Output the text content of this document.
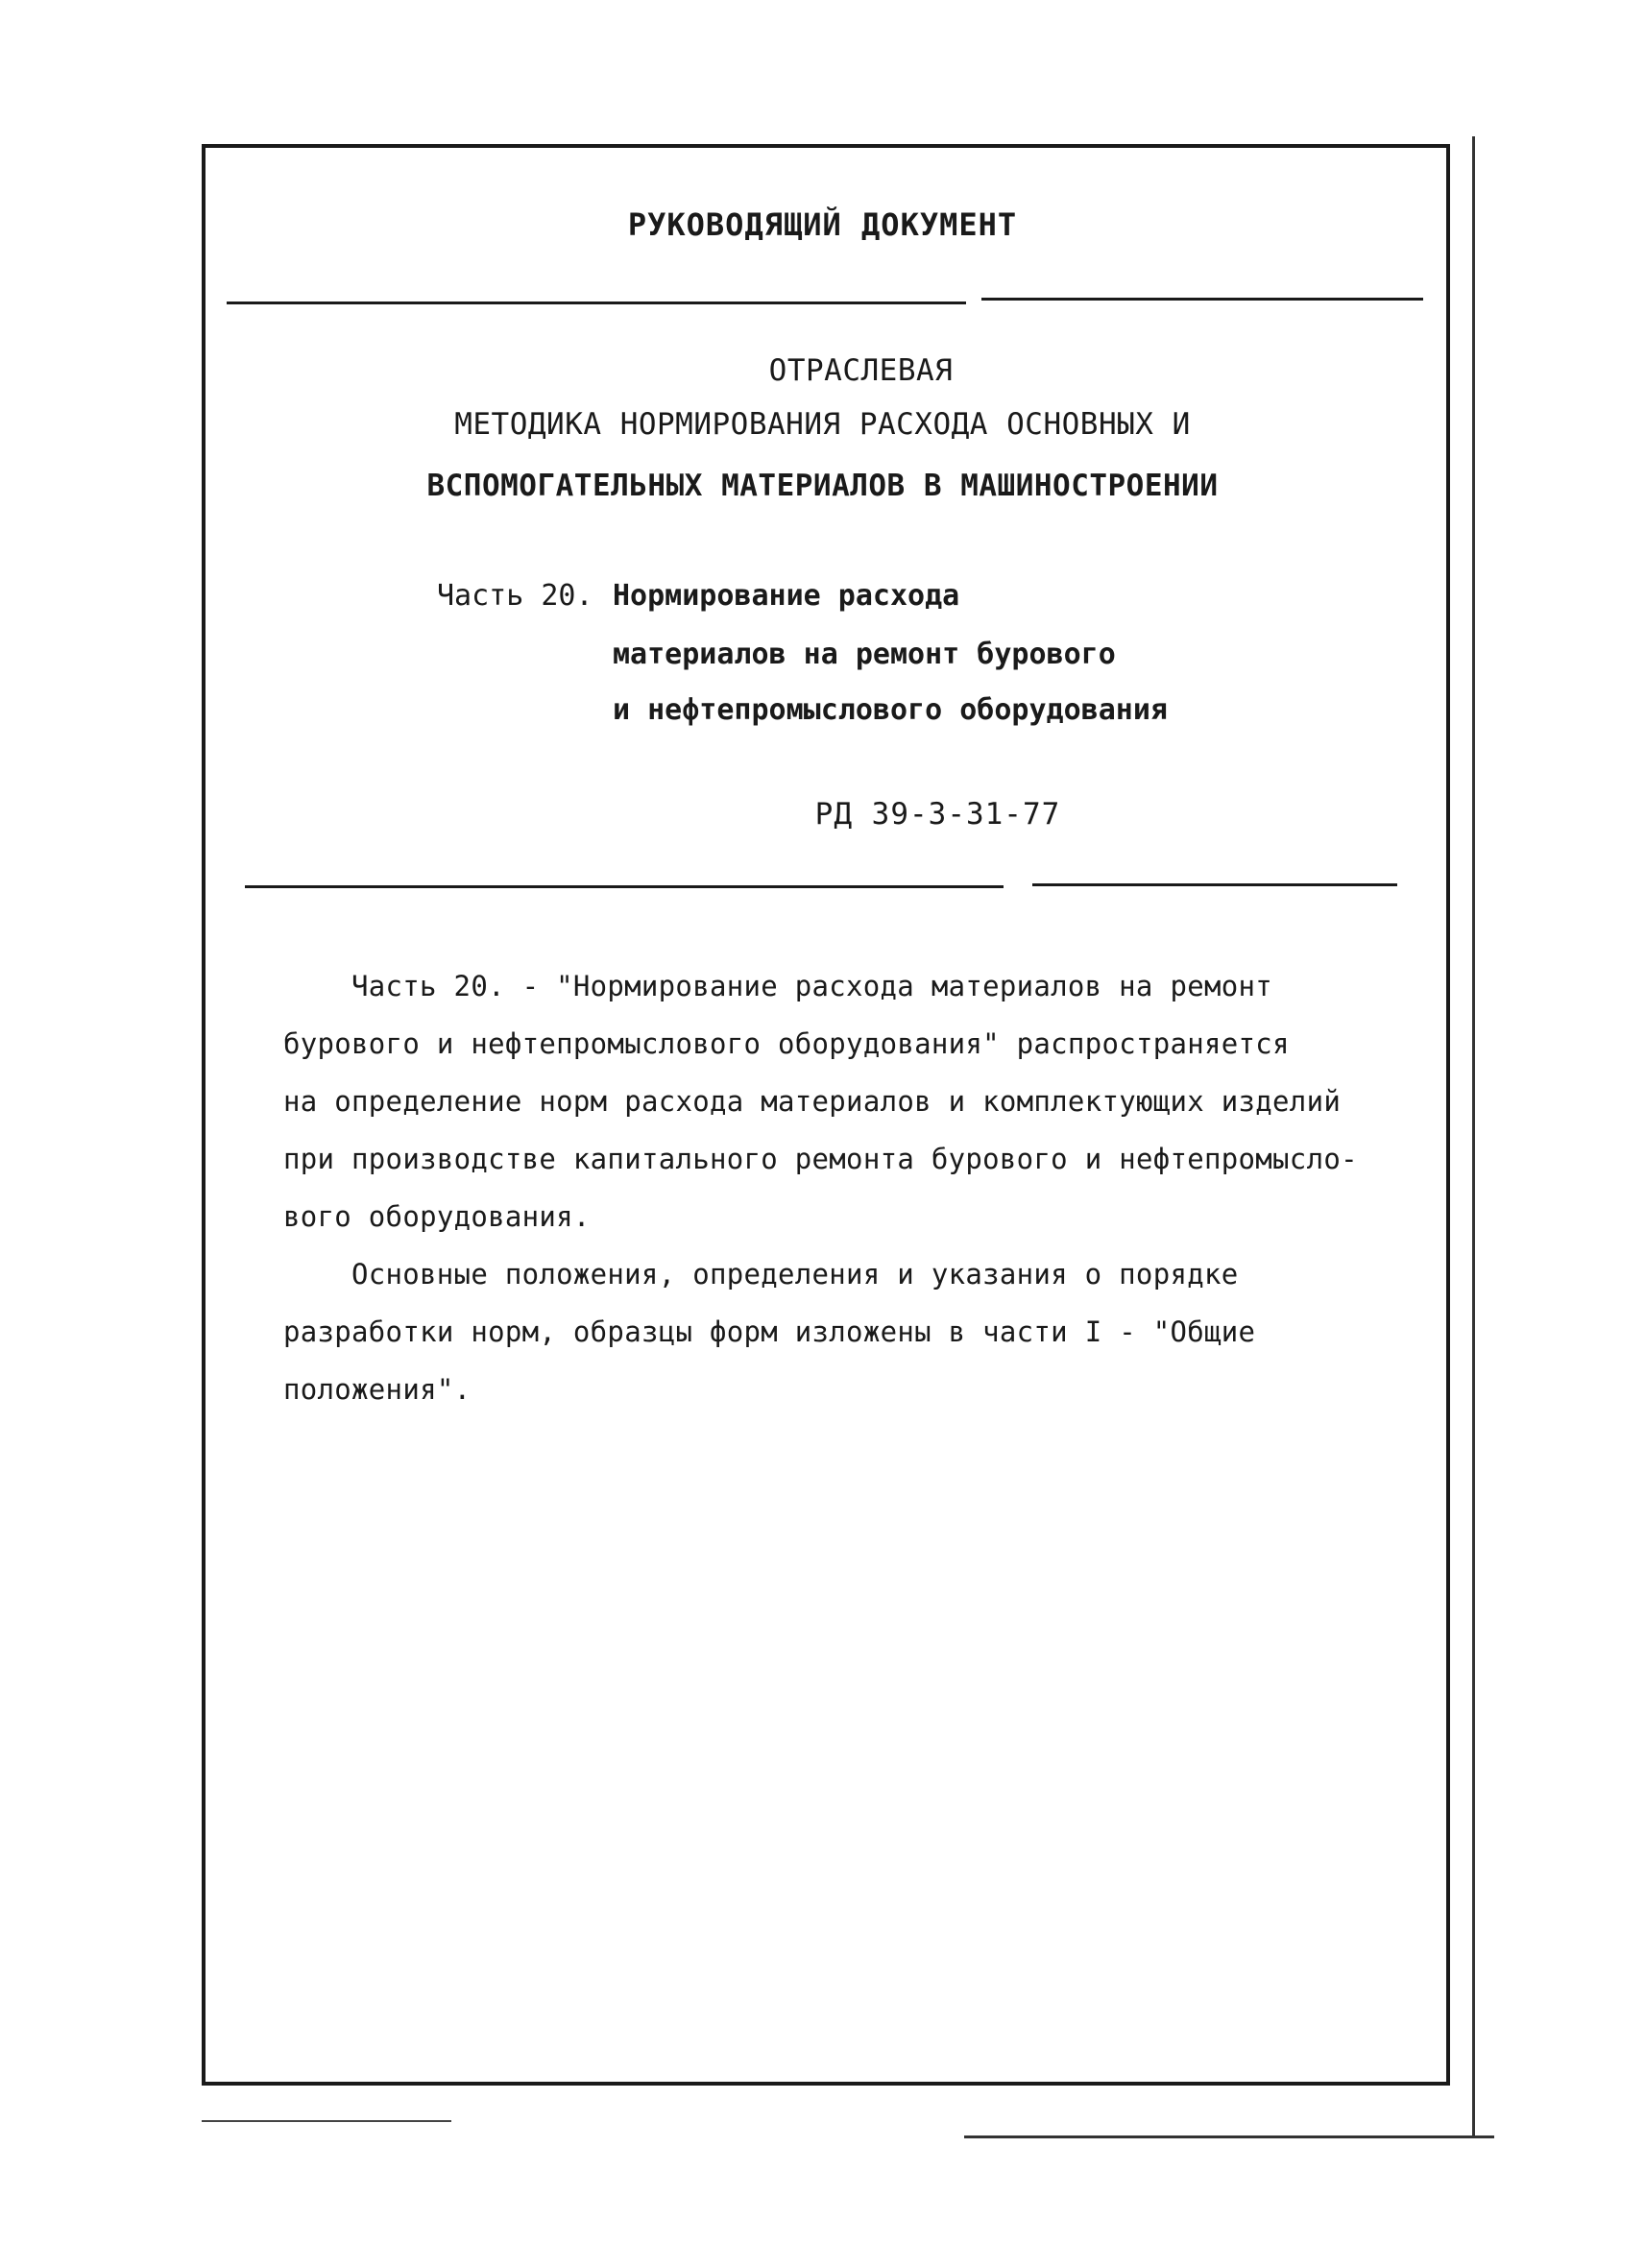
РУКОВОДЯЩИЙ ДОКУМЕНТ
ОТРАСЛЕВАЯ
МЕТОДИКА НОРМИРОВАНИЯ РАСХОДА ОСНОВНЫХ И
ВСПОМОГАТЕЛЬНЫХ МАТЕРИАЛОВ В МАШИНОСТРОЕНИИ
Часть 20. Нормирование расхода
материалов на ремонт бурового
и нефтепромыслового оборудования
РД 39-3-31-77
Часть 20. - "Нормирование расхода материалов на ремонт
бурового и нефтепромыслового оборудования" распространяется
на определение норм расхода материалов и комплектующих изделий
при производстве капитального ремонта бурового и нефтепромысло-
вого оборудования.
Основные положения, определения и указания о порядке
разработки норм, образцы форм изложены в части I - "Общие
положения".
